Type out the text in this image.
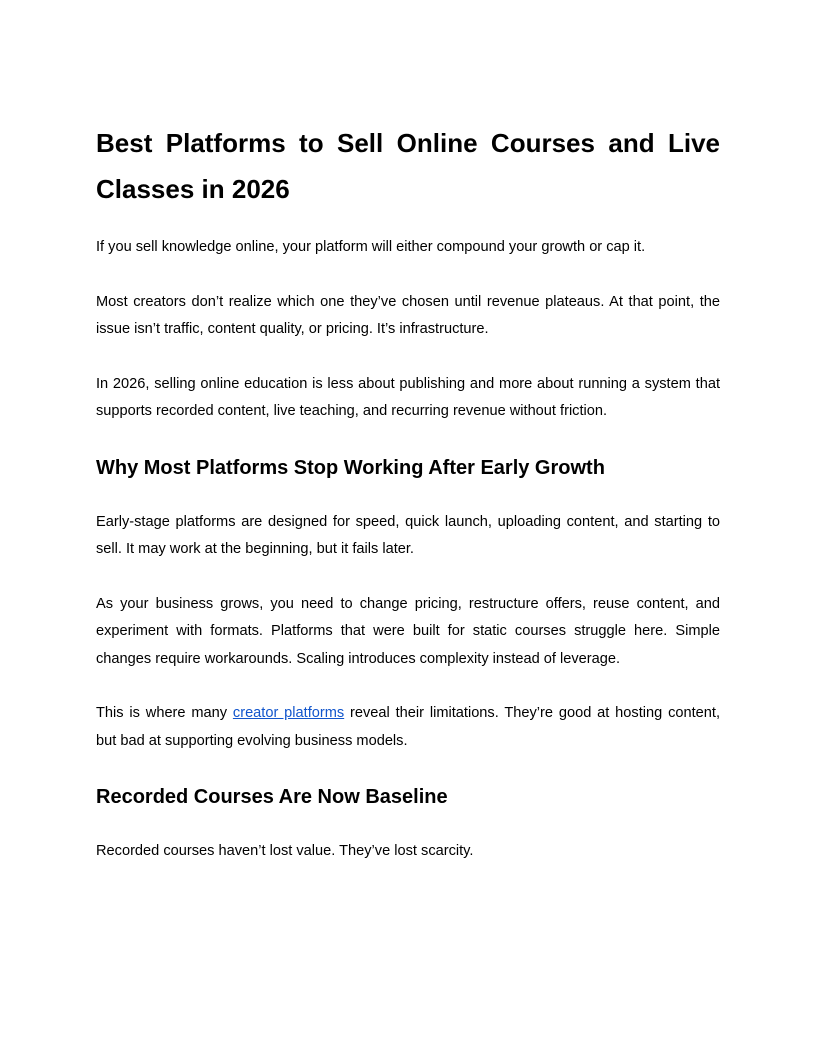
Best Platforms to Sell Online Courses and Live Classes in 2026

If you sell knowledge online, your platform will either compound your growth or cap it.

Most creators don’t realize which one they’ve chosen until revenue plateaus. At that point, the issue isn’t traffic, content quality, or pricing. It’s infrastructure.

In 2026, selling online education is less about publishing and more about running a system that supports recorded content, live teaching, and recurring revenue without friction.

Why Most Platforms Stop Working After Early Growth

Early-stage platforms are designed for speed, quick launch, uploading content, and starting to sell. It may work at the beginning, but it fails later.

As your business grows, you need to change pricing, restructure offers, reuse content, and experiment with formats. Platforms that were built for static courses struggle here. Simple changes require workarounds. Scaling introduces complexity instead of leverage.

This is where many creator platforms reveal their limitations. They’re good at hosting content, but bad at supporting evolving business models.

Recorded Courses Are Now Baseline

Recorded courses haven’t lost value. They’ve lost scarcity.
